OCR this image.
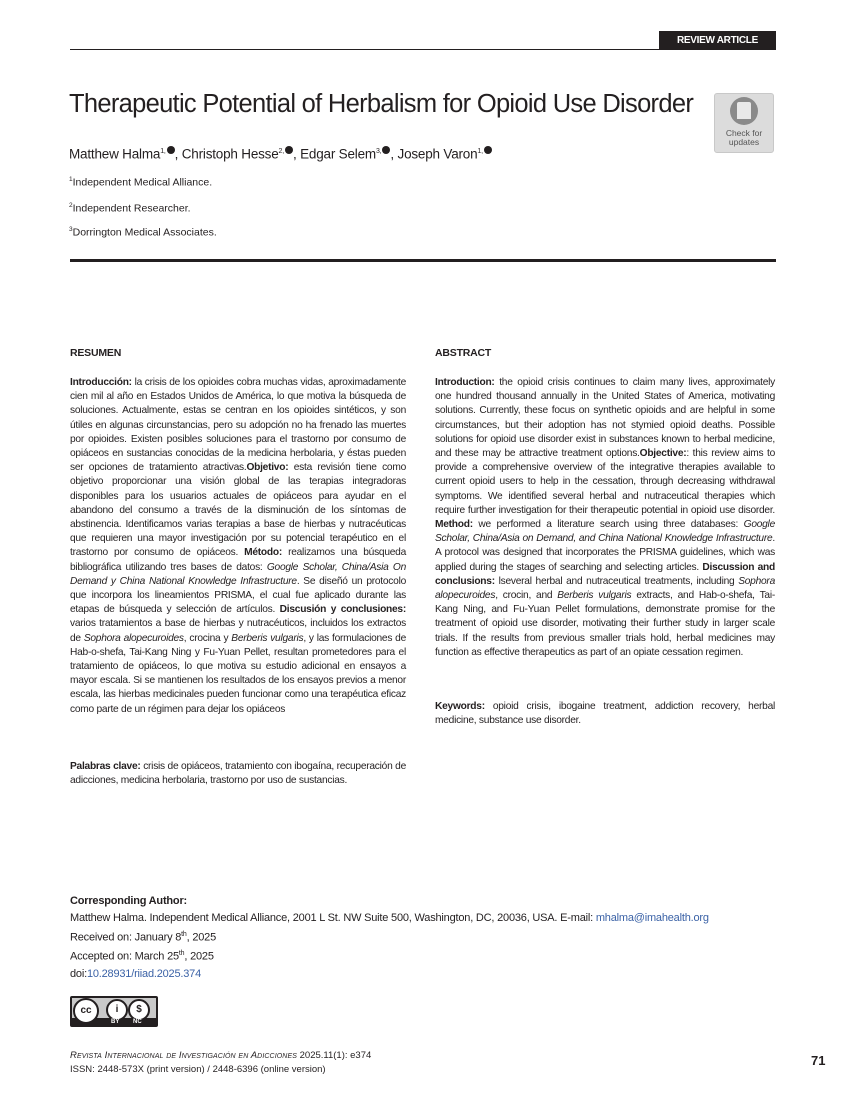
REVIEW ARTICLE
Therapeutic Potential of Herbalism for Opioid Use Disorder
Check for
updates
Matthew Halma$^{1,}$ , Christoph Hesse$^{2,}$ , Edgar Selem$^{3,}$ , Joseph Varon$^{1,}$
$^1$Independent Medical Alliance.
$^2$Independent Researcher.
$^3$Dorrington Medical Associates.
RESUMEN	ABSTRACT

Introducción: la crisis de los opioides cobra muchas vidas, aproximadamente cien mil al año en Estados Unidos de América, lo que motiva la búsqueda de soluciones. Actualmente, estas se centran en los opioides sintéticos, y son útiles en algunas circunstancias, pero su adopción no ha frenado las muertes por opioides. Existen posibles soluciones para el trastorno por consumo de opiáceos en sustancias conocidas de la medicina herbolaria, y éstas pueden ser opciones de tratamiento atractivas.Objetivo: esta revisión tiene como objetivo proporcionar una visión global de las terapias integradoras disponibles para los usuarios actuales de opiáceos para ayudar en el abandono del consumo a través de la disminución de los síntomas de abstinencia. Identificamos varias terapias a base de hierbas y nutracéuticas que requieren una mayor investigación por su potencial terapéutico en el trastorno por consumo de opiáceos. Método: realizamos una búsqueda bibliográfica utilizando tres bases de datos: Google Scholar, China/Asia On Demand y China National Knowledge Infrastructure. Se diseñó un protocolo que incorpora los lineamientos PRISMA, el cual fue aplicado durante las etapas de búsqueda y selección de artículos. Discusión y conclusiones: varios tratamientos a base de hierbas y nutracéuticos, incluidos los extractos de Sophora alopecuroides, crocina y Berberis vulgaris, y las formulaciones de Hab-o-shefa, Tai-Kang Ning y Fu-Yuan Pellet, resultan prometedores para el tratamiento de opiáceos, lo que motiva su estudio adicional en ensayos a mayor escala. Si se mantienen los resultados de los ensayos previos a menor escala, las hierbas medicinales pueden funcionar como una terapéutica eficaz como parte de un régimen para dejar los opiáceos

Palabras clave: crisis de opiáceos, tratamiento con ibogaína, recuperación de adicciones, medicina herbolaria, trastorno por uso de sustancias.

Introduction: the opioid crisis continues to claim many lives, approximately one hundred thousand annually in the United States of America, motivating solutions. Currently, these focus on synthetic opioids and are helpful in some circumstances, but their adoption has not stymied opioid deaths. Possible solutions for opioid use disorder exist in substances known to herbal medicine, and these may be attractive treatment options.Objective:: this review aims to provide a comprehensive overview of the integrative therapies available to current opioid users to help in the cessation, through decreasing withdrawal symptoms. We identified several herbal and nutraceutical therapies which require further investigation for their therapeutic potential in opioid use disorder. Method: we performed a literature search using three databases: Google Scholar, China/Asia on Demand, and China National Knowledge Infrastructure. A protocol was designed that incorporates the PRISMA guidelines, which was applied during the stages of searching and selecting articles. Discussion and conclusions: lseveral herbal and nutraceutical treatments, including Sophora alopecuroides, crocin, and Berberis vulgaris extracts, and Hab-o-shefa, Tai-Kang Ning, and Fu-Yuan Pellet formulations, demonstrate promise for the treatment of opioid use disorder, motivating their further study in larger scale trials. If the results from previous smaller trials hold, herbal medicines may function as effective therapeutics as part of an opiate cessation regimen.

Keywords: opioid crisis, ibogaine treatment, addiction recovery, herbal medicine, substance use disorder.

Corresponding Author:
Matthew Halma. Independent Medical Alliance, 2001 L St. NW Suite 500, Washington, DC, 20036, USA. E-mail: mhalma@imahealth.org
Received on: January 8th, 2025
Accepted on: March 25th, 2025
doi:10.28931/riiad.2025.374
cc	i	$
BY NC
Revista Internacional de Investigación en Adicciones 2025.11(1): e374
ISSN: 2448-573X (print version) / 2448-6396 (online version)
71
